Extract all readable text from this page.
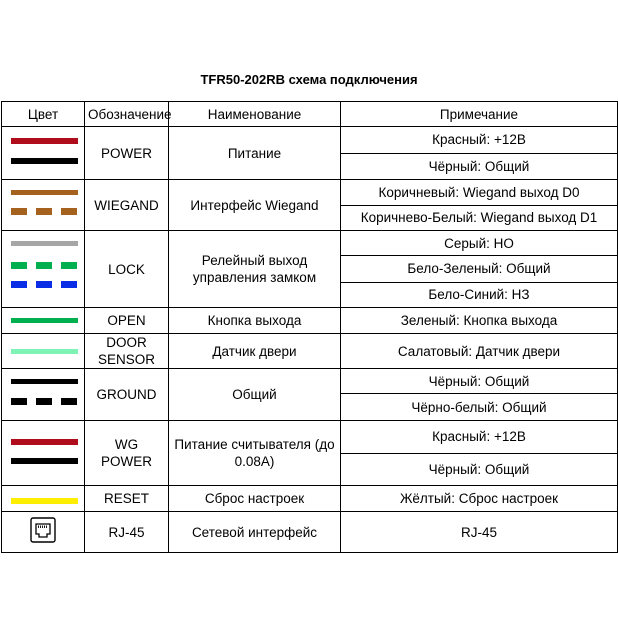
TFR50-202RB схема подключения
Цвет	Обозначение	Наименование	Примечание

	POWER	Питание	Красный: +12В
			Чёрный: Общий

	WIEGAND	Интерфейс Wiegand	Коричневый: Wiegand выход D0
			Коричнево-Белый: Wiegand выход D1

	LOCK	Релейный выход управления замком	Серый: НО
			Бело-Зеленый: Общий
			Бело-Синий: НЗ

	OPEN	Кнопка выхода	Зеленый: Кнопка выхода

	DOOR SENSOR	Датчик двери	Салатовый: Датчик двери

	GROUND	Общий	Чёрный: Общий
			Чёрно-белый: Общий

	WG POWER	Питание считывателя (до 0.08А)	Красный: +12В
			Чёрный: Общий

	RESET	Сброс настроек	Жёлтый: Сброс настроек

	RJ-45	Сетевой интерфейс	RJ-45
